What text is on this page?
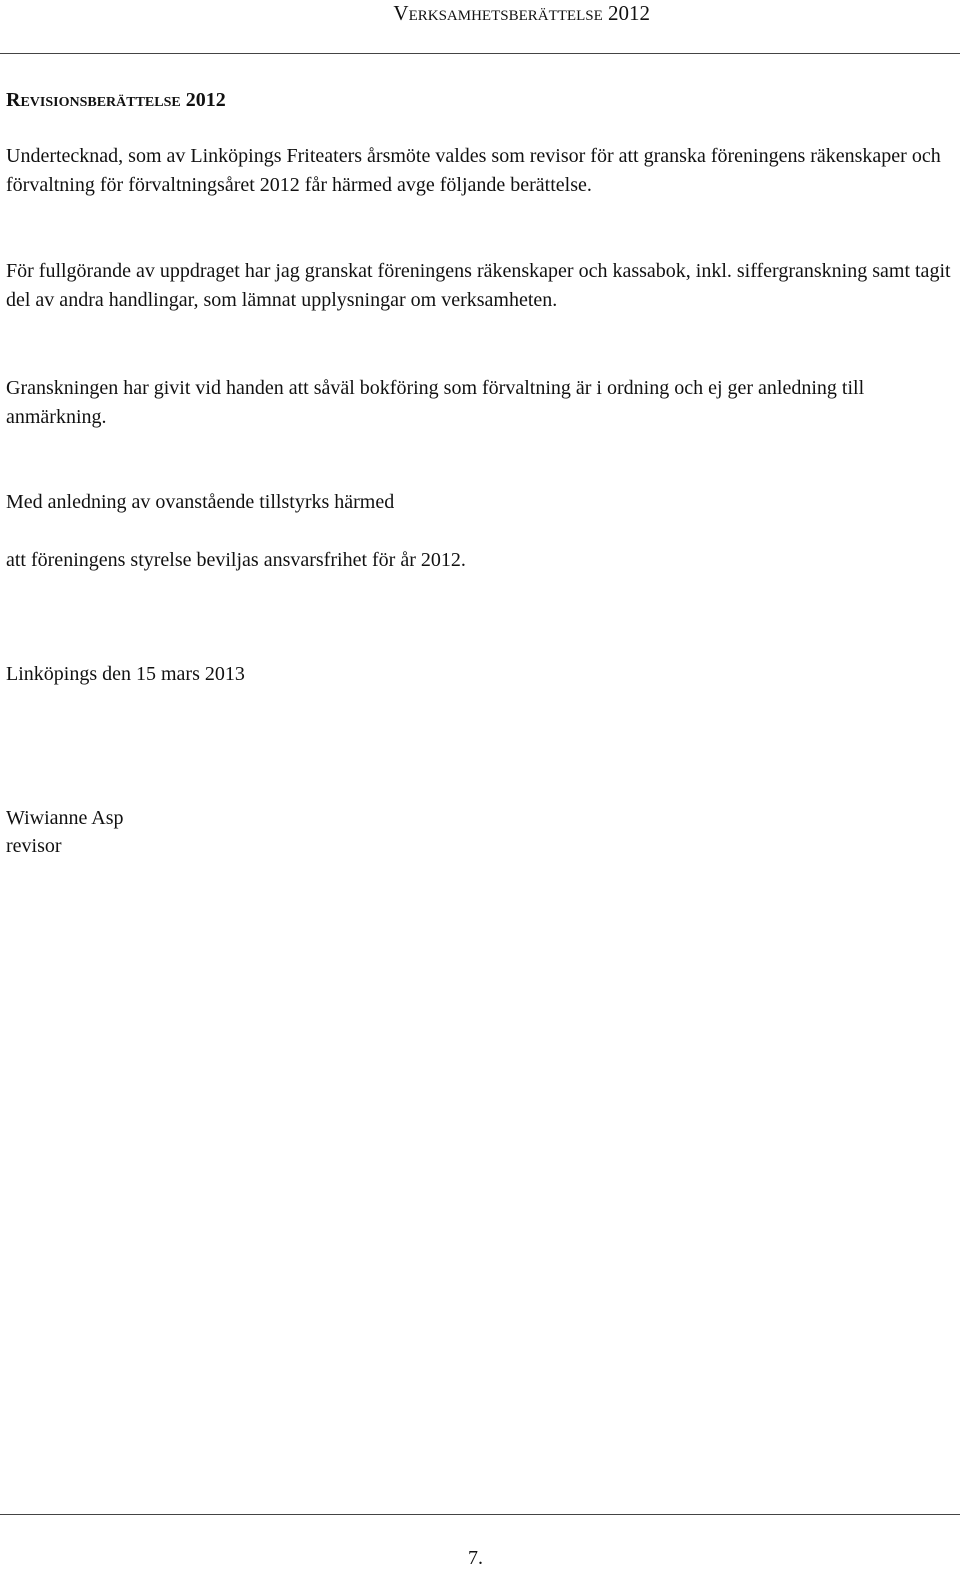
Verksamhetsberättelse 2012
Revisionsberättelse 2012

Undertecknad, som av Linköpings Friteaters årsmöte valdes som revisor för att granska föreningens räkenskaper och förvaltning för förvaltningsåret 2012 får härmed avge följande berättelse.

För fullgörande av uppdraget har jag granskat föreningens räkenskaper och kassabok, inkl. siffergranskning samt tagit del av andra handlingar, som lämnat upplysningar om verksamheten.

Granskningen har givit vid handen att såväl bokföring som förvaltning är i ordning och ej ger anledning till anmärkning.

Med anledning av ovanstående tillstyrks härmed

att föreningens styrelse beviljas ansvarsfrihet för år 2012.

Linköpings den 15 mars 2013

Wiwianne Asp

revisor

7.
